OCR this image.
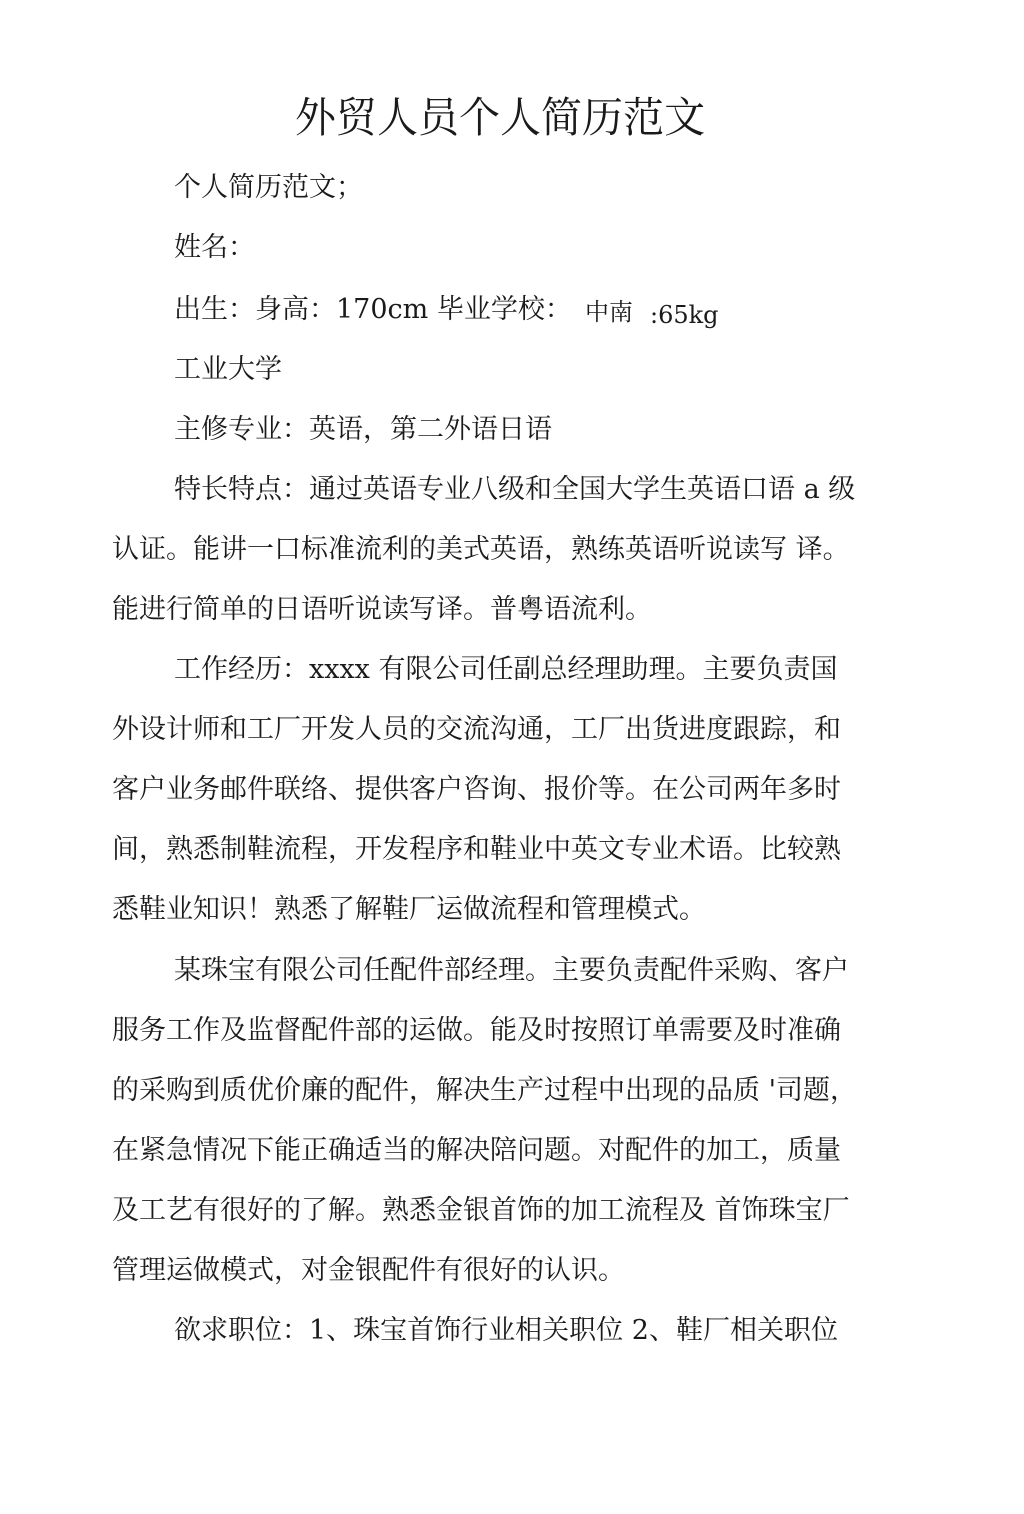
外贸人员个人简历范文
个人简历范文；
姓名：
出生：身高：170cm 毕业学校： 中南 :65kg
工业大学
主修专业：英语，第二外语日语
特长特点：通过英语专业八级和全国大学生英语口语 a 级
认证。能讲一口标准流利的美式英语，熟练英语听说读写 译。
能进行简单的日语听说读写译。普粤语流利。
工作经历：xxxx 有限公司任副总经理助理。主要负责国
外设计师和工厂开发人员的交流沟通，工厂出货进度跟踪，和
客户业务邮件联络、提供客户咨询、报价等。在公司两年多时
间，熟悉制鞋流程，开发程序和鞋业中英文专业术语。比较熟
悉鞋业知识！熟悉了解鞋厂运做流程和管理模式。
某珠宝有限公司任配件部经理。主要负责配件采购、客户
服务工作及监督配件部的运做。能及时按照订单需要及时准确
的采购到质优价廉的配件，解决生产过程中出现的品质 '司题，
在紧急情况下能正确适当的解决陪问题。对配件的加工，质量
及工艺有很好的了解。熟悉金银首饰的加工流程及 首饰珠宝厂
管理运做模式，对金银配件有很好的认识。
欲求职位：1、珠宝首饰行业相关职位 2、鞋厂相关职位
